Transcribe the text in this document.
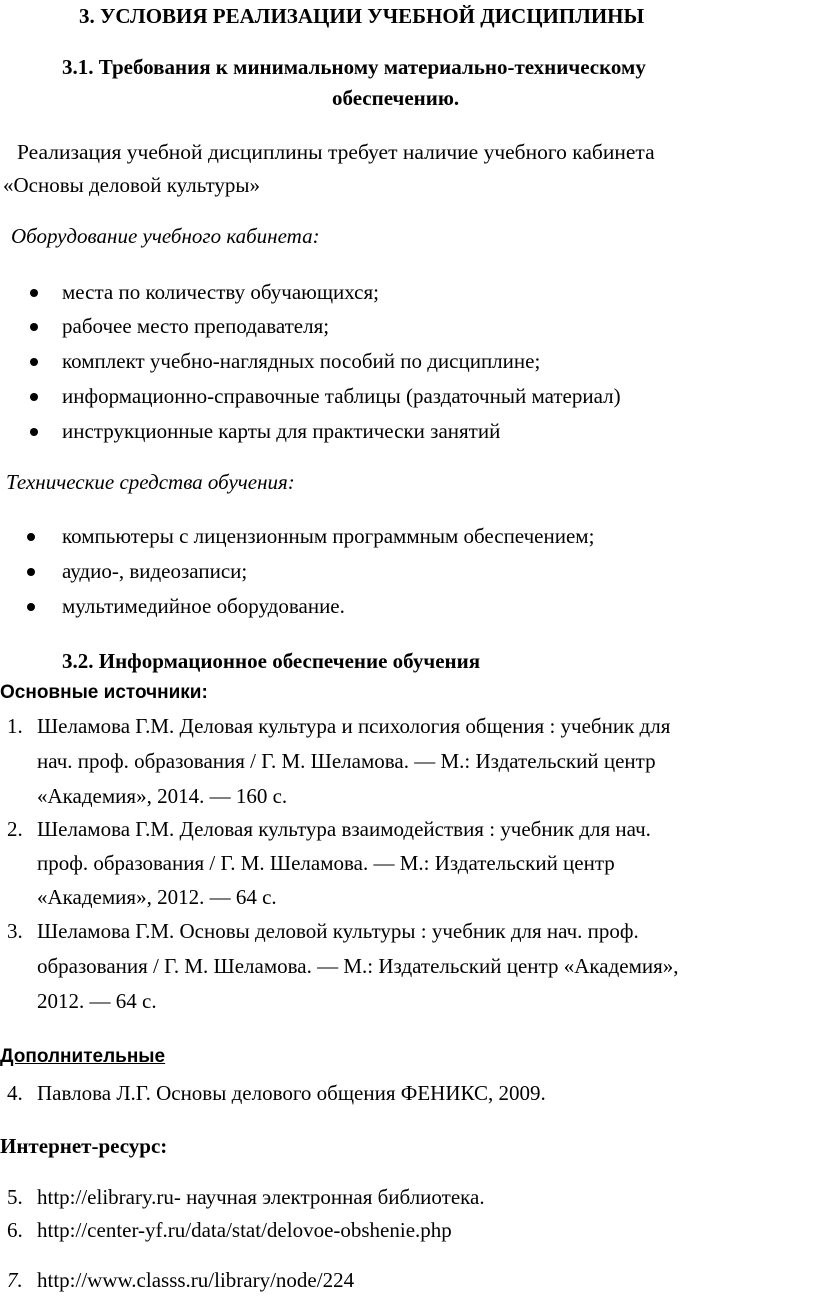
3. УСЛОВИЯ РЕАЛИЗАЦИИ УЧЕБНОЙ ДИСЦИПЛИНЫ
3.1. Требования к минимальному материально-техническому
обеспечению.
Реализация учебной дисциплины требует наличие учебного кабинета
«Основы деловой культуры»
Оборудование учебного кабинета:
места по количеству обучающихся;
рабочее место преподавателя;
комплект учебно-наглядных пособий по дисциплине;
информационно-справочные таблицы (раздаточный материал)
инструкционные карты для практически занятий
Технические средства обучения:
компьютеры с лицензионным программным обеспечением;
аудио-, видеозаписи;
мультимедийное оборудование.
3.2. Информационное обеспечение обучения
Основные источники:
1. Шеламова Г.М. Деловая культура и психология общения : учебник для
нач. проф. образования / Г. М. Шеламова. — М.: Издательский центр
«Академия», 2014. — 160 с.
2. Шеламова Г.М. Деловая культура взаимодействия : учебник для нач.
проф. образования / Г. М. Шеламова. — М.: Издательский центр
«Академия», 2012. — 64 с.
3. Шеламова Г.М. Основы деловой культуры : учебник для нач. проф.
образования / Г. М. Шеламова. — М.: Издательский центр «Академия»,
2012. — 64 с.
Дополнительные
4. Павлова Л.Г. Основы делового общения ФЕНИКС, 2009.
Интернет-ресурс:
5. http://elibrary.ru- научная электронная библиотека.
6. http://center-yf.ru/data/stat/delovoe-obshenie.php
7. http://www.classs.ru/library/node/224
